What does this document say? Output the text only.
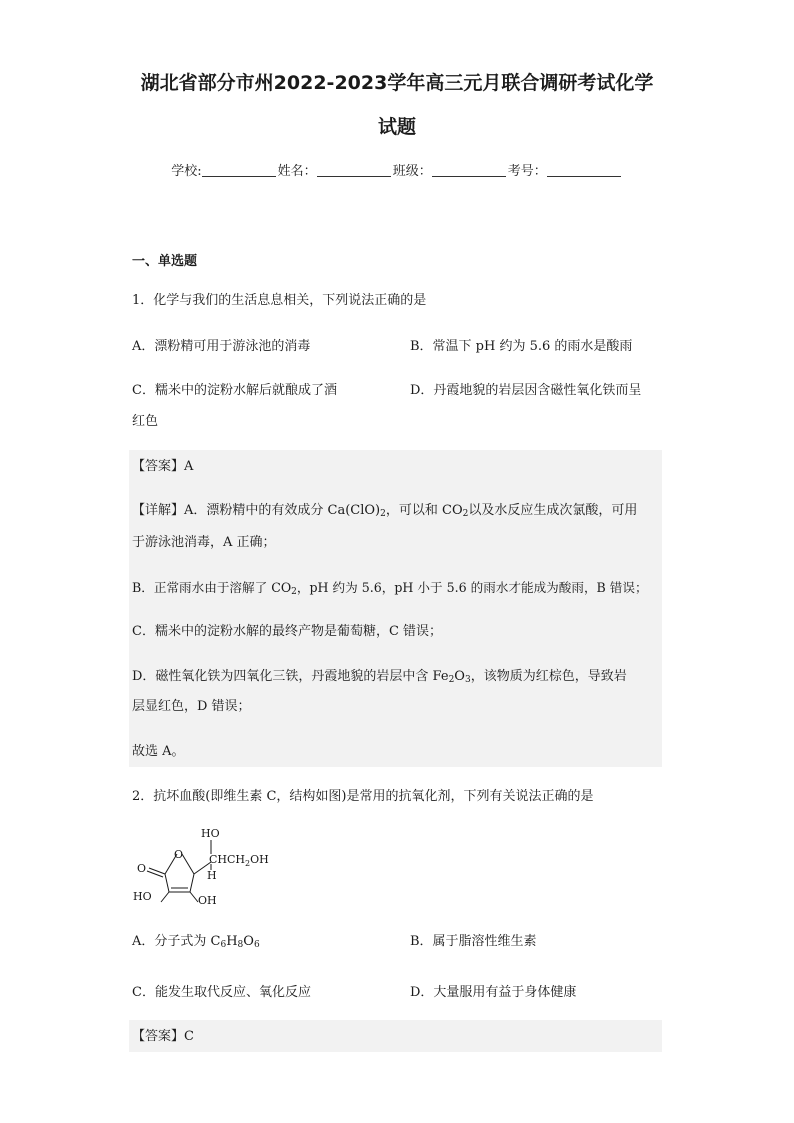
湖北省部分市州2022-2023学年高三元月联合调研考试化学
试题
学校:	姓名：	班级：	考号：
一、单选题
1．化学与我们的生活息息相关，下列说法正确的是
A．漂粉精可用于游泳池的消毒	B．常温下 pH 约为 5.6 的雨水是酸雨
C．糯米中的淀粉水解后就酿成了酒	D．丹霞地貌的岩层因含磁性氧化铁而呈
红色
【答案】A
【详解】A．漂粉精中的有效成分 $Ca(ClO)_2$，可以和 $CO_2$以及水反应生成次氯酸，可用
于游泳池消毒，A 正确；
B．正常雨水由于溶解了 $CO_2$，pH 约为 5.6，pH 小于 5.6 的雨水才能成为酸雨，B 错误；
C．糯米中的淀粉水解的最终产物是葡萄糖，C 错误；
D．磁性氧化铁为四氧化三铁，丹霞地貌的岩层中含 $Fe_2O_3$，该物质为红棕色，导致岩
层显红色，D 错误；
故选 A。
2．抗坏血酸(即维生素 C，结构如图)是常用的抗氧化剂，下列有关说法正确的是
HO
$CHCH_2OH$
H
O
O
HO	OH
A．分子式为 $C_6H_8O_6$	B．属于脂溶性维生素
C．能发生取代反应、氧化反应	D．大量服用有益于身体健康
【答案】C
